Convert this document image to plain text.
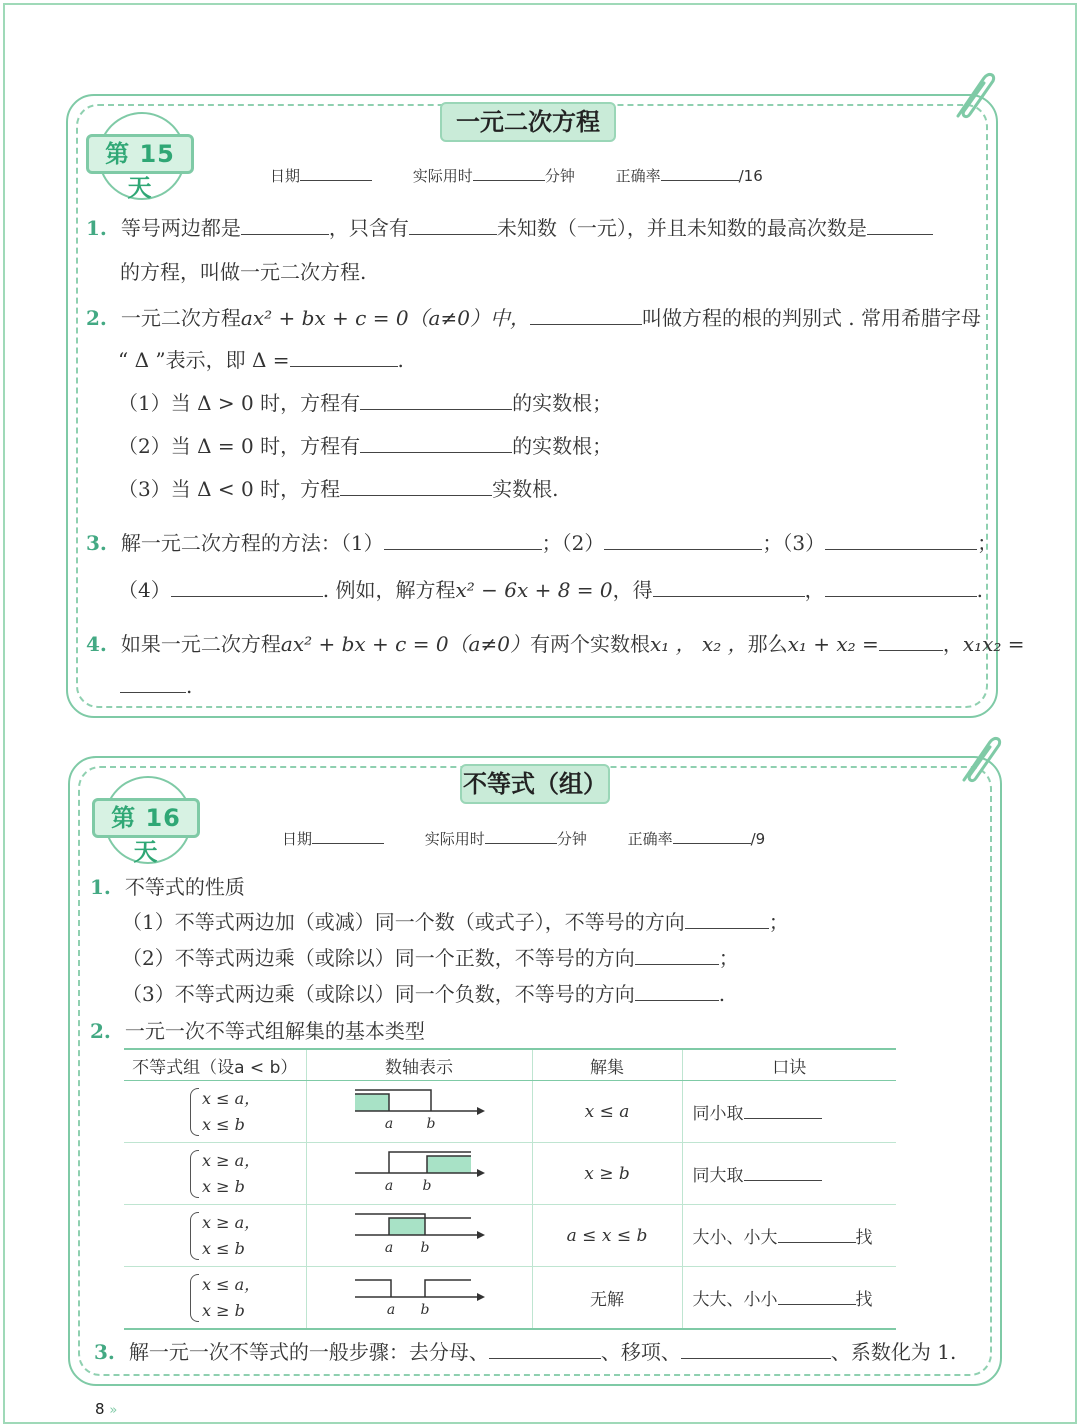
一元二次方程
第 15 天	日期	实际用时	分钟	正确率	/16
1. 等号两边都是	，只含有	未知数（一元），并且未知数的最高次数是
的方程，叫做一元二次方程.
2. 一元二次方程ax² + bx + c = 0（a≠0）中，	叫做方程的根的判别式 . 常用希腊字母
“ Δ ”表示，即 Δ =	.
（1）当 Δ > 0 时，方程有	的实数根；
（2）当 Δ = 0 时，方程有	的实数根；
（3）当 Δ < 0 时，方程	实数根.
3. 解一元二次方程的方法：（1）	；（2）	；（3）	；
（4）	. 例如，解方程x² − 6x + 8 = 0，得	，	.
4. 如果一元二次方程ax² + bx + c = 0（a≠0）有两个实数根x₁ ， x₂ ，那么x₁ + x₂ =	，x₁x₂ =
.
不等式（组）
第 16 天	日期	实际用时	分钟	正确率	/9
1. 不等式的性质
（1）不等式两边加（或减）同一个数（或式子），不等号的方向	；
（2）不等式两边乘（或除以）同一个正数，不等号的方向	；
（3）不等式两边乘（或除以）同一个负数，不等号的方向	.
2. 一元一次不等式组解集的基本类型
不等式组（设a < b）	数轴表示	解集	口诀
x ≤ a，
x ≤ b	a b	x ≤ a	同小取
x ≥ a，
x ≥ b	a b	x ≥ b	同大取
x ≥ a，
x ≤ b	a b	a ≤ x ≤ b	大小、小大 找
x ≤ a，
x ≥ b	a b	无解	大大、小小 找
3. 解一元一次不等式的一般步骤：去分母、	、移项、	、系数化为 1.
8 »
